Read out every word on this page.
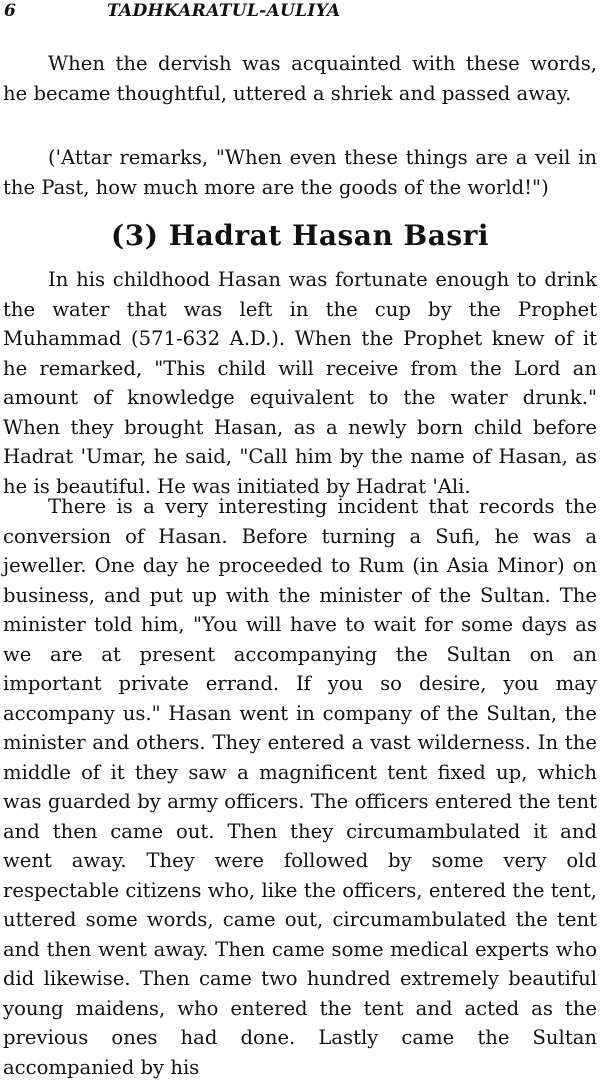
6	TADHKARATUL-AULIYA

When the dervish was acquainted with these words, he became thoughtful, uttered a shriek and passed away.

('Attar remarks, "When even these things are a veil in the Past, how much more are the goods of the world!")

(3) Hadrat Hasan Basri

In his childhood Hasan was fortunate enough to drink the water that was left in the cup by the Prophet Muhammad (571-632 A.D.). When the Prophet knew of it he remarked, "This child will receive from the Lord an amount of knowledge equivalent to the water drunk." When they brought Hasan, as a newly born child before Hadrat 'Umar, he said, "Call him by the name of Hasan, as he is beautiful. He was initiated by Hadrat 'Ali.

There is a very interesting incident that records the conversion of Hasan. Before turning a Sufi, he was a jeweller. One day he proceeded to Rum (in Asia Minor) on business, and put up with the minister of the Sultan. The minister told him, "You will have to wait for some days as we are at present accompanying the Sultan on an important private errand. If you so desire, you may accompany us." Hasan went in company of the Sultan, the minister and others. They entered a vast wilderness. In the middle of it they saw a magnificent tent fixed up, which was guarded by army officers. The officers entered the tent and then came out. Then they circumambulated it and went away. They were followed by some very old respectable citizens who, like the officers, entered the tent, uttered some words, came out, circumambulated the tent and then went away. Then came some medical experts who did likewise. Then came two hundred extremely beautiful young maidens, who entered the tent and acted as the previous ones had done. Lastly came the Sultan accompanied by his
